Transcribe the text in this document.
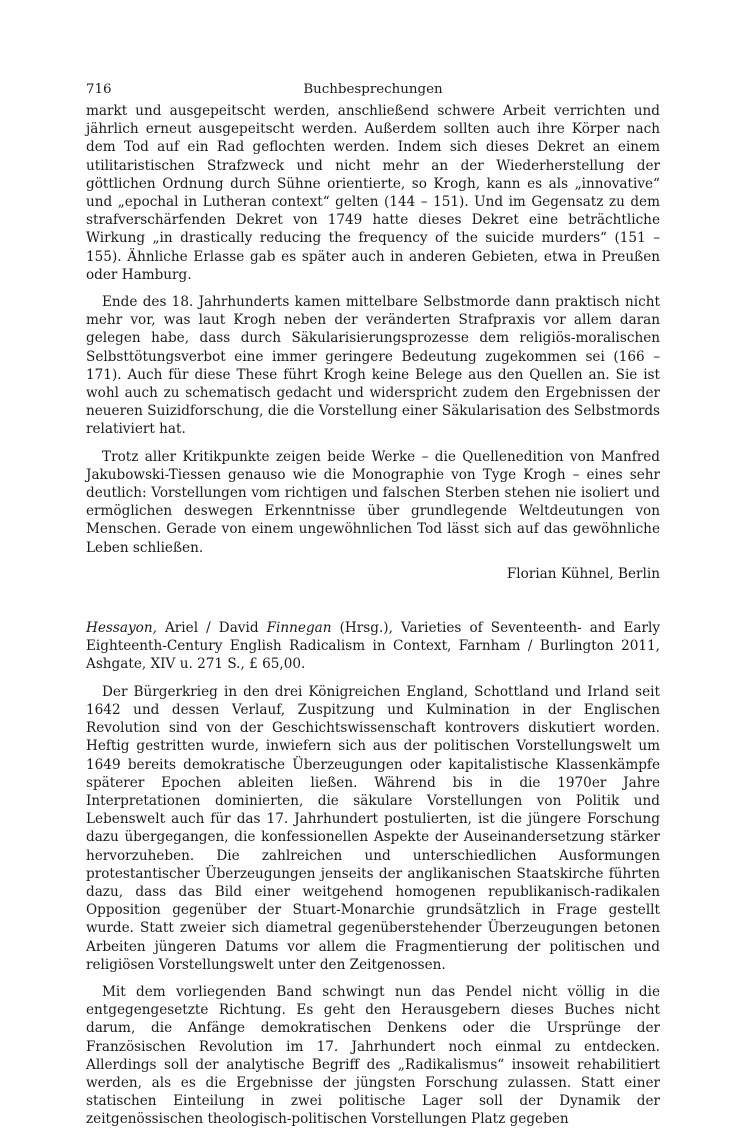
716	Buchbesprechungen

markt und ausgepeitscht werden, anschließend schwere Arbeit verrichten und jährlich erneut ausgepeitscht werden. Außerdem sollten auch ihre Körper nach dem Tod auf ein Rad geflochten werden. Indem sich dieses Dekret an einem utilitaristischen Strafzweck und nicht mehr an der Wiederherstellung der göttlichen Ordnung durch Sühne orientierte, so Krogh, kann es als „innovative“ und „epochal in Lutheran context“ gelten (144 – 151). Und im Gegensatz zu dem strafverschärfenden Dekret von 1749 hatte dieses Dekret eine beträchtliche Wirkung „in drastically reducing the frequency of the suicide murders“ (151 – 155). Ähnliche Erlasse gab es später auch in anderen Gebieten, etwa in Preußen oder Hamburg.

Ende des 18. Jahrhunderts kamen mittelbare Selbstmorde dann praktisch nicht mehr vor, was laut Krogh neben der veränderten Strafpraxis vor allem daran gelegen habe, dass durch Säkularisierungsprozesse dem religiös-moralischen Selbsttötungsverbot eine immer geringere Bedeutung zugekommen sei (166 – 171). Auch für diese These führt Krogh keine Belege aus den Quellen an. Sie ist wohl auch zu schematisch gedacht und widerspricht zudem den Ergebnissen der neueren Suizidforschung, die die Vorstellung einer Säkularisation des Selbstmords relativiert hat.

Trotz aller Kritikpunkte zeigen beide Werke – die Quellenedition von Manfred Jakubowski-Tiessen genauso wie die Monographie von Tyge Krogh – eines sehr deutlich: Vorstellungen vom richtigen und falschen Sterben stehen nie isoliert und ermöglichen deswegen Erkenntnisse über grundlegende Weltdeutungen von Menschen. Gerade von einem ungewöhnlichen Tod lässt sich auf das gewöhnliche Leben schließen.

Florian Kühnel, Berlin

Hessayon, Ariel / David Finnegan (Hrsg.), Varieties of Seventeenth- and Early Eighteenth-Century English Radicalism in Context, Farnham / Burlington 2011, Ashgate, XIV u. 271 S., £ 65,00.

Der Bürgerkrieg in den drei Königreichen England, Schottland und Irland seit 1642 und dessen Verlauf, Zuspitzung und Kulmination in der Englischen Revolution sind von der Geschichtswissenschaft kontrovers diskutiert worden. Heftig gestritten wurde, inwiefern sich aus der politischen Vorstellungswelt um 1649 bereits demokratische Überzeugungen oder kapitalistische Klassenkämpfe späterer Epochen ableiten ließen. Während bis in die 1970er Jahre Interpretationen dominierten, die säkulare Vorstellungen von Politik und Lebenswelt auch für das 17. Jahrhundert postulierten, ist die jüngere Forschung dazu übergegangen, die konfessionellen Aspekte der Auseinandersetzung stärker hervorzuheben. Die zahlreichen und unterschiedlichen Ausformungen protestantischer Überzeugungen jenseits der anglikanischen Staatskirche führten dazu, dass das Bild einer weitgehend homogenen republikanisch-radikalen Opposition gegenüber der Stuart-Monarchie grundsätzlich in Frage gestellt wurde. Statt zweier sich diametral gegenüberstehender Überzeugungen betonen Arbeiten jüngeren Datums vor allem die Fragmentierung der politischen und religiösen Vorstellungswelt unter den Zeitgenossen.

Mit dem vorliegenden Band schwingt nun das Pendel nicht völlig in die entgegengesetzte Richtung. Es geht den Herausgebern dieses Buches nicht darum, die Anfänge demokratischen Denkens oder die Ursprünge der Französischen Revolution im 17. Jahrhundert noch einmal zu entdecken. Allerdings soll der analytische Begriff des „Radikalismus“ insoweit rehabilitiert werden, als es die Ergebnisse der jüngsten Forschung zulassen. Statt einer statischen Einteilung in zwei politische Lager soll der Dynamik der zeitgenössischen theologisch-politischen Vorstellungen Platz gegeben
